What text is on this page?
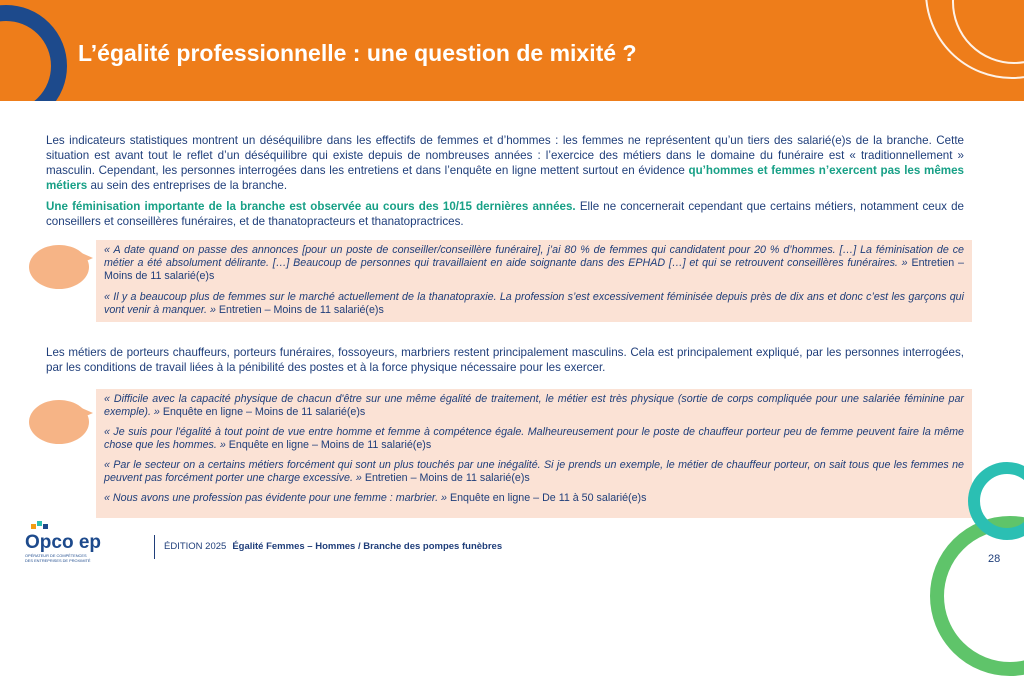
L’égalité professionnelle : une question de mixité ?

Les indicateurs statistiques montrent un déséquilibre dans les effectifs de femmes et d’hommes : les femmes ne représentent qu’un tiers des salarié(e)s de la branche. Cette situation est avant tout le reflet d’un déséquilibre qui existe depuis de nombreuses années : l’exercice des métiers dans le domaine du funéraire est « traditionnellement » masculin. Cependant, les personnes interrogées dans les entretiens et dans l’enquête en ligne mettent surtout en évidence qu’hommes et femmes n’exercent pas les mêmes métiers au sein des entreprises de la branche.

Une féminisation importante de la branche est observée au cours des 10/15 dernières années. Elle ne concernerait cependant que certains métiers, notamment ceux de conseillers et conseillères funéraires, et de thanatopracteurs et thanatopractrices.

« A date quand on passe des annonces [pour un poste de conseiller/conseillère funéraire], j’ai 80 % de femmes qui candidatent pour 20 % d’hommes. […] La féminisation de ce métier a été absolument délirante. […] Beaucoup de personnes qui travaillaient en aide soignante dans des EPHAD […] et qui se retrouvent conseillères funéraires. » Entretien – Moins de 11 salarié(e)s

« Il y a beaucoup plus de femmes sur le marché actuellement de la thanatopraxie. La profession s’est excessivement féminisée depuis près de dix ans et donc c’est les garçons qui vont venir à manquer. » Entretien – Moins de 11 salarié(e)s

Les métiers de porteurs chauffeurs, porteurs funéraires, fossoyeurs, marbriers restent principalement masculins. Cela est principalement expliqué, par les personnes interrogées, par les conditions de travail liées à la pénibilité des postes et à la force physique nécessaire pour les exercer.

« Difficile avec la capacité physique de chacun d'être sur une même égalité de traitement, le métier est très physique (sortie de corps compliquée pour une salariée féminine par exemple). » Enquête en ligne – Moins de 11 salarié(e)s

« Je suis pour l'égalité à tout point de vue entre homme et femme à compétence égale. Malheureusement pour le poste de chauffeur porteur peu de femme peuvent faire la même chose que les hommes. » Enquête en ligne – Moins de 11 salarié(e)s

« Par le secteur on a certains métiers forcément qui sont un plus touchés par une inégalité. Si je prends un exemple, le métier de chauffeur porteur, on sait tous que les femmes ne peuvent pas forcément porter une charge excessive. » Entretien – Moins de 11 salarié(e)s

« Nous avons une profession pas évidente pour une femme : marbrier. » Enquête en ligne – De 11 à 50 salarié(e)s

Opco ep
OPÉRATEUR DE COMPÉTENCES DES ENTREPRISES DE PROXIMITÉ
ÉDITION 2025 Égalité Femmes – Hommes / Branche des pompes funèbres
28
